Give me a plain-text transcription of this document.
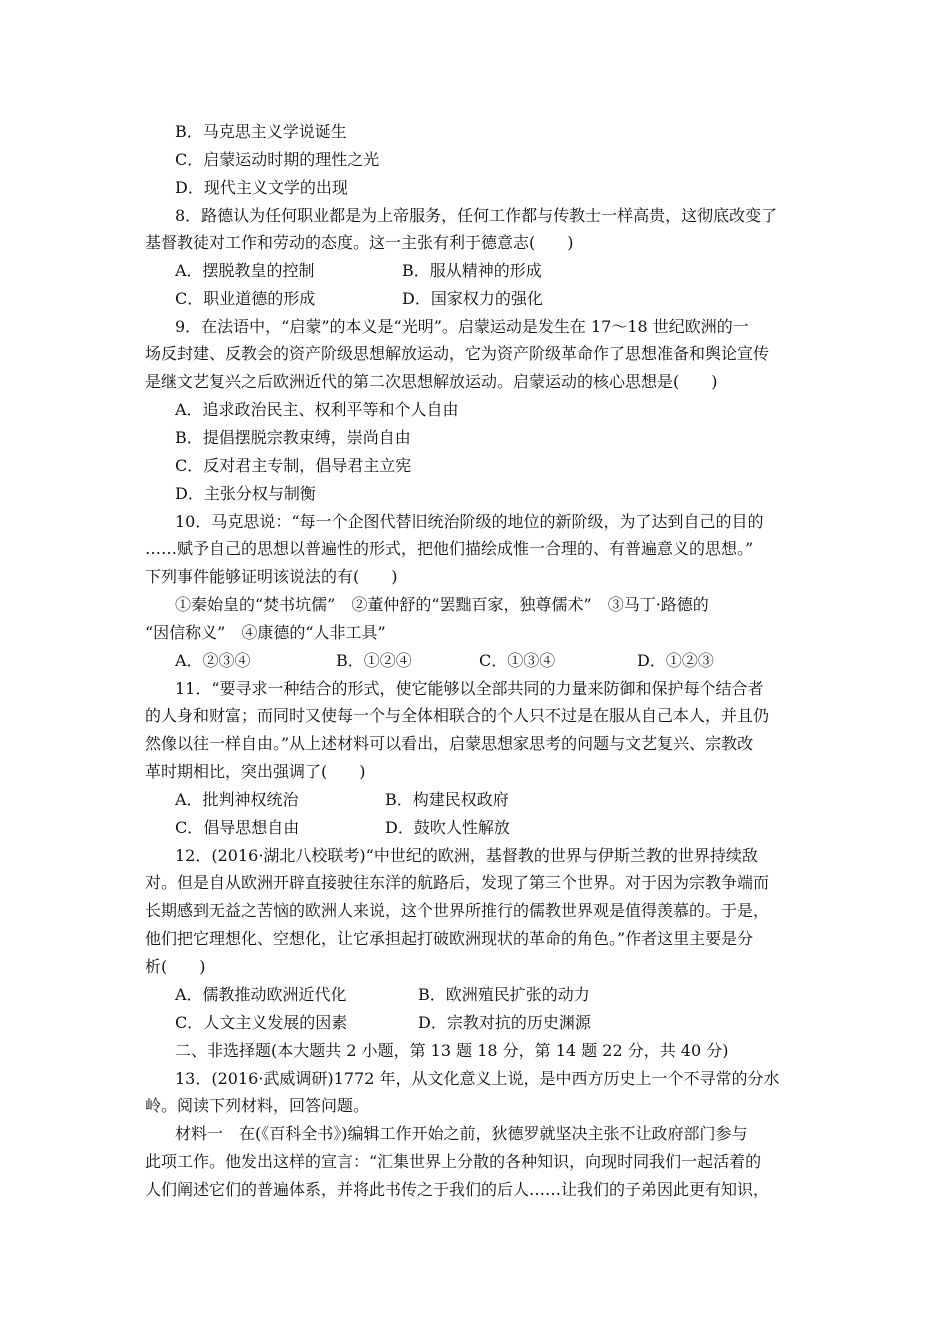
B．马克思主义学说诞生
C．启蒙运动时期的理性之光
D．现代主义文学的出现
8．路德认为任何职业都是为上帝服务，任何工作都与传教士一样高贵，这彻底改变了
基督教徒对工作和劳动的态度。这一主张有利于德意志(　　)
A．摆脱教皇的控制	B．服从精神的形成
C．职业道德的形成	D．国家权力的强化
9．在法语中，“启蒙”的本义是“光明”。启蒙运动是发生在 17～18 世纪欧洲的一
场反封建、反教会的资产阶级思想解放运动，它为资产阶级革命作了思想准备和舆论宣传
是继文艺复兴之后欧洲近代的第二次思想解放运动。启蒙运动的核心思想是(　　)
A．追求政治民主、权利平等和个人自由
B．提倡摆脱宗教束缚，崇尚自由
C．反对君主专制，倡导君主立宪
D．主张分权与制衡
10．马克思说：“每一个企图代替旧统治阶级的地位的新阶级，为了达到自己的目的
……赋予自己的思想以普遍性的形式，把他们描绘成惟一合理的、有普遍意义的思想。”
下列事件能够证明该说法的有(　　)
①秦始皇的“焚书坑儒”　②董仲舒的“罢黜百家，独尊儒术”　③马丁·路德的
“因信称义”　④康德的“人非工具”
A．②③④	B．①②④	C．①③④	D．①②③
11．“要寻求一种结合的形式，使它能够以全部共同的力量来防御和保护每个结合者
的人身和财富；而同时又使每一个与全体相联合的个人只不过是在服从自己本人，并且仍
然像以往一样自由。”从上述材料可以看出，启蒙思想家思考的问题与文艺复兴、宗教改
革时期相比，突出强调了(　　)
A．批判神权统治	B．构建民权政府
C．倡导思想自由	D．鼓吹人性解放
12．(2016·湖北八校联考)“中世纪的欧洲，基督教的世界与伊斯兰教的世界持续敌
对。但是自从欧洲开辟直接驶往东洋的航路后，发现了第三个世界。对于因为宗教争端而
长期感到无益之苦恼的欧洲人来说，这个世界所推行的儒教世界观是值得羡慕的。于是，
他们把它理想化、空想化，让它承担起打破欧洲现状的革命的角色。”作者这里主要是分
析(　　)
A．儒教推动欧洲近代化	B．欧洲殖民扩张的动力
C．人文主义发展的因素	D．宗教对抗的历史渊源
二、非选择题(本大题共 2 小题，第 13 题 18 分，第 14 题 22 分，共 40 分)
13．(2016·武威调研)1772 年，从文化意义上说，是中西方历史上一个不寻常的分水
岭。阅读下列材料，回答问题。
材料一　在(《百科全书》)编辑工作开始之前，狄德罗就坚决主张不让政府部门参与
此项工作。他发出这样的宣言：“汇集世界上分散的各种知识，向现时同我们一起活着的
人们阐述它们的普遍体系，并将此书传之于我们的后人……让我们的子弟因此更有知识，
